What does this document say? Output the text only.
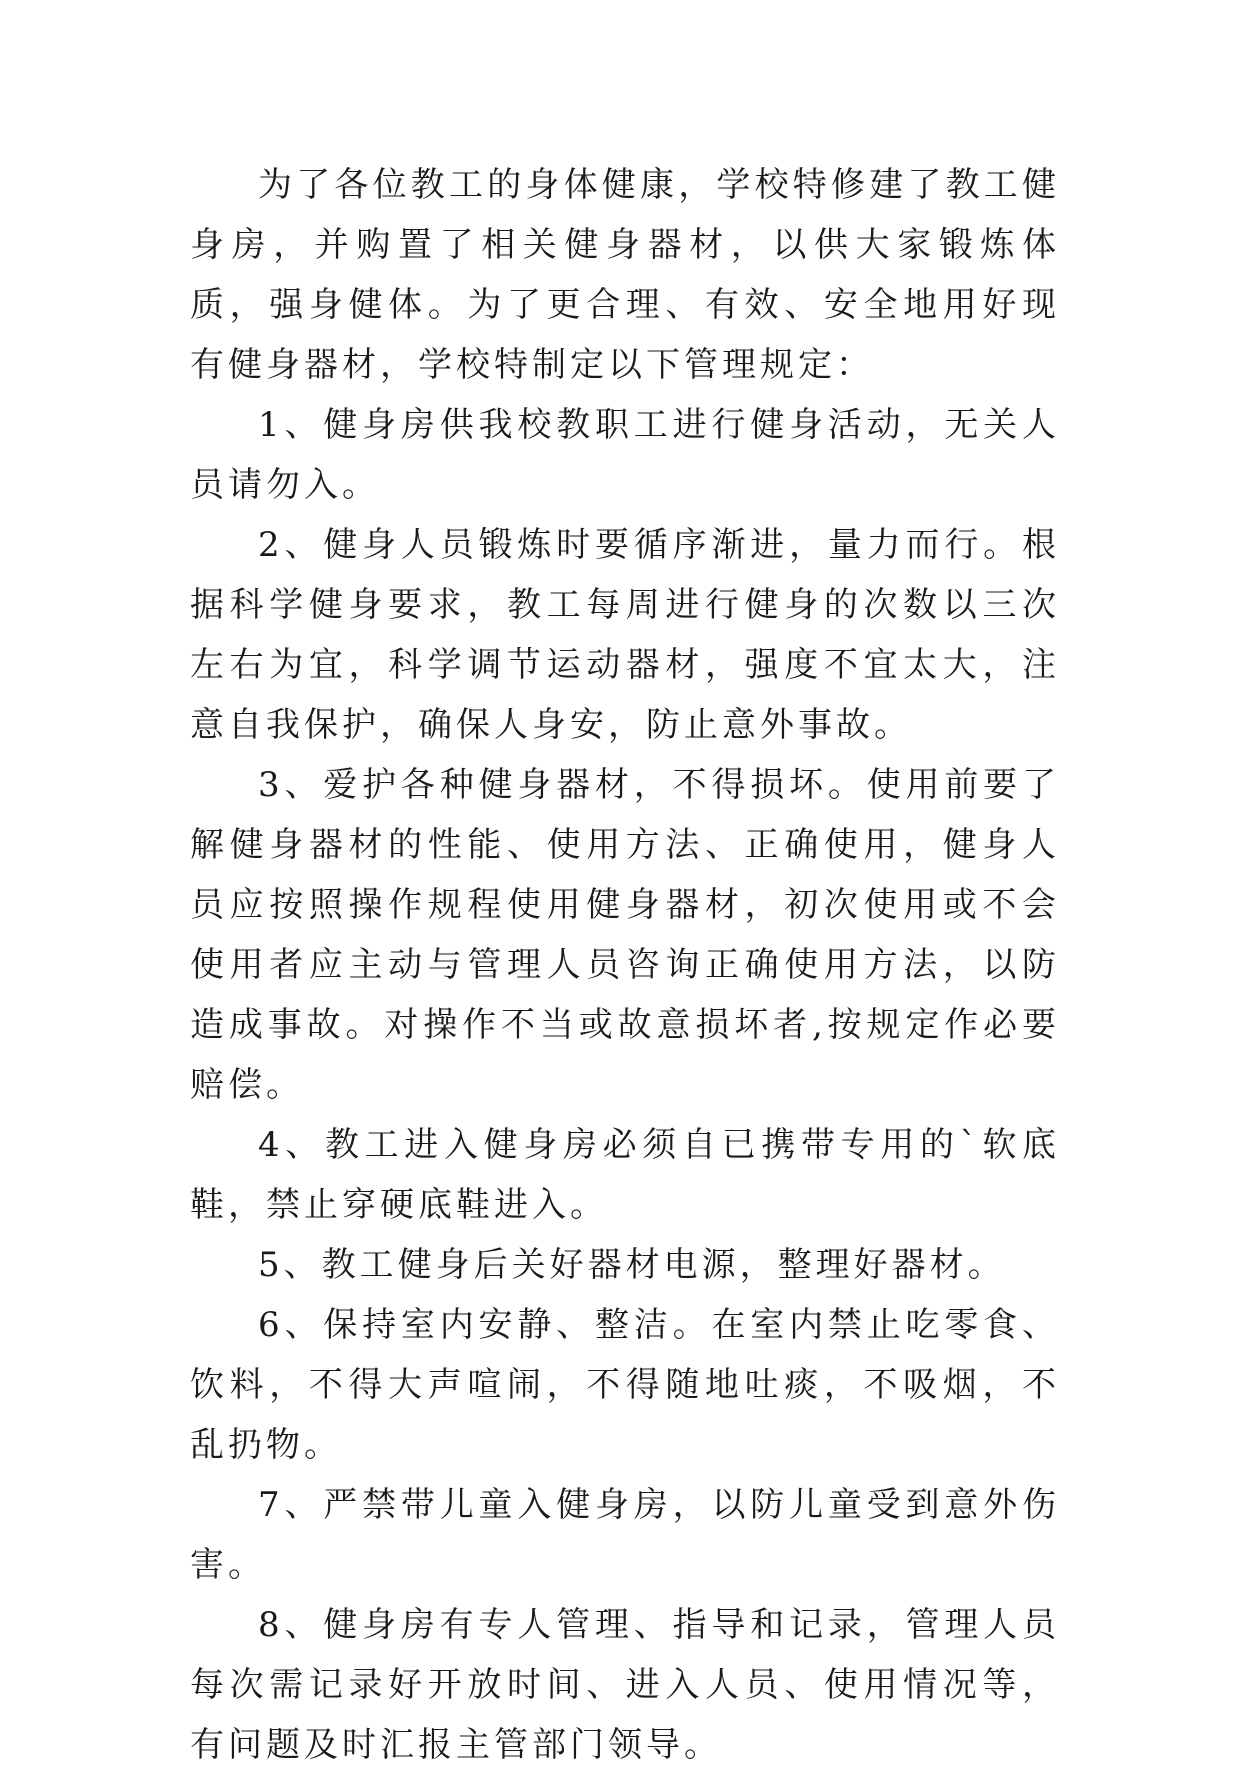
为了各位教工的身体健康，学校特修建了教工健身房，并购置了相关健身器材，以供大家锻炼体质，强身健体。为了更合理、有效、安全地用好现有健身器材，学校特制定以下管理规定：

1、健身房供我校教职工进行健身活动，无关人员请勿入。

2、健身人员锻炼时要循序渐进，量力而行。根据科学健身要求，教工每周进行健身的次数以三次左右为宜，科学调节运动器材，强度不宜太大，注意自我保护，确保人身安，防止意外事故。

3、爱护各种健身器材，不得损坏。使用前要了解健身器材的性能、使用方法、正确使用，健身人员应按照操作规程使用健身器材，初次使用或不会使用者应主动与管理人员咨询正确使用方法，以防造成事故。对操作不当或故意损坏者,按规定作必要赔偿。

4、教工进入健身房必须自已携带专用的`软底鞋，禁止穿硬底鞋进入。

5、教工健身后关好器材电源，整理好器材。

6、保持室内安静、整洁。在室内禁止吃零食、饮料，不得大声喧闹，不得随地吐痰，不吸烟，不乱扔物。

7、严禁带儿童入健身房，以防儿童受到意外伤害。

8、健身房有专人管理、指导和记录，管理人员每次需记录好开放时间、进入人员、使用情况等，有问题及时汇报主管部门领导。
